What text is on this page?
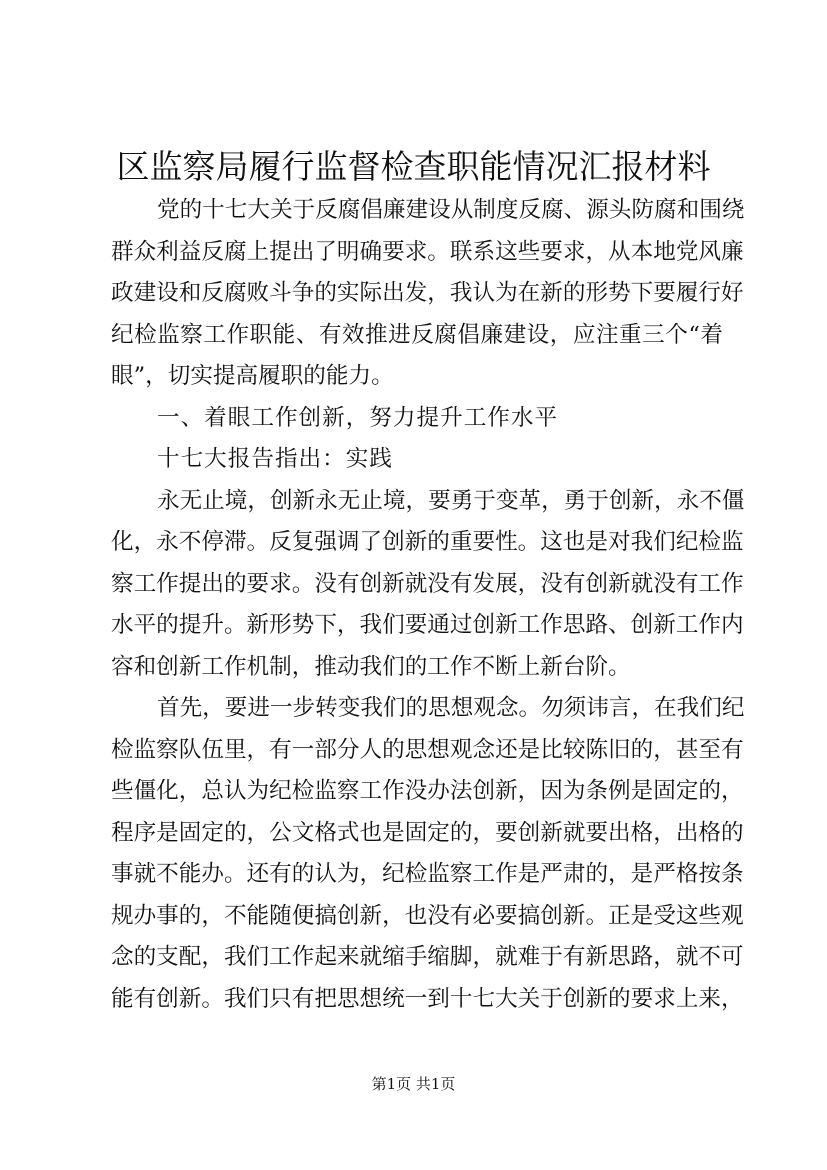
区监察局履行监督检查职能情况汇报材料
党的十七大关于反腐倡廉建设从制度反腐、源头防腐和围绕
群众利益反腐上提出了明确要求。联系这些要求，从本地党风廉
政建设和反腐败斗争的实际出发，我认为在新的形势下要履行好
纪检监察工作职能、有效推进反腐倡廉建设，应注重三个“着
眼”，切实提高履职的能力。
一、着眼工作创新，努力提升工作水平
十七大报告指出：实践
永无止境，创新永无止境，要勇于变革，勇于创新，永不僵
化，永不停滞。反复强调了创新的重要性。这也是对我们纪检监
察工作提出的要求。没有创新就没有发展，没有创新就没有工作
水平的提升。新形势下，我们要通过创新工作思路、创新工作内
容和创新工作机制，推动我们的工作不断上新台阶。
首先，要进一步转变我们的思想观念。勿须讳言，在我们纪
检监察队伍里，有一部分人的思想观念还是比较陈旧的，甚至有
些僵化，总认为纪检监察工作没办法创新，因为条例是固定的，
程序是固定的，公文格式也是固定的，要创新就要出格，出格的
事就不能办。还有的认为，纪检监察工作是严肃的，是严格按条
规办事的，不能随便搞创新，也没有必要搞创新。正是受这些观
念的支配，我们工作起来就缩手缩脚，就难于有新思路，就不可
能有创新。我们只有把思想统一到十七大关于创新的要求上来，
第1页 共1页
